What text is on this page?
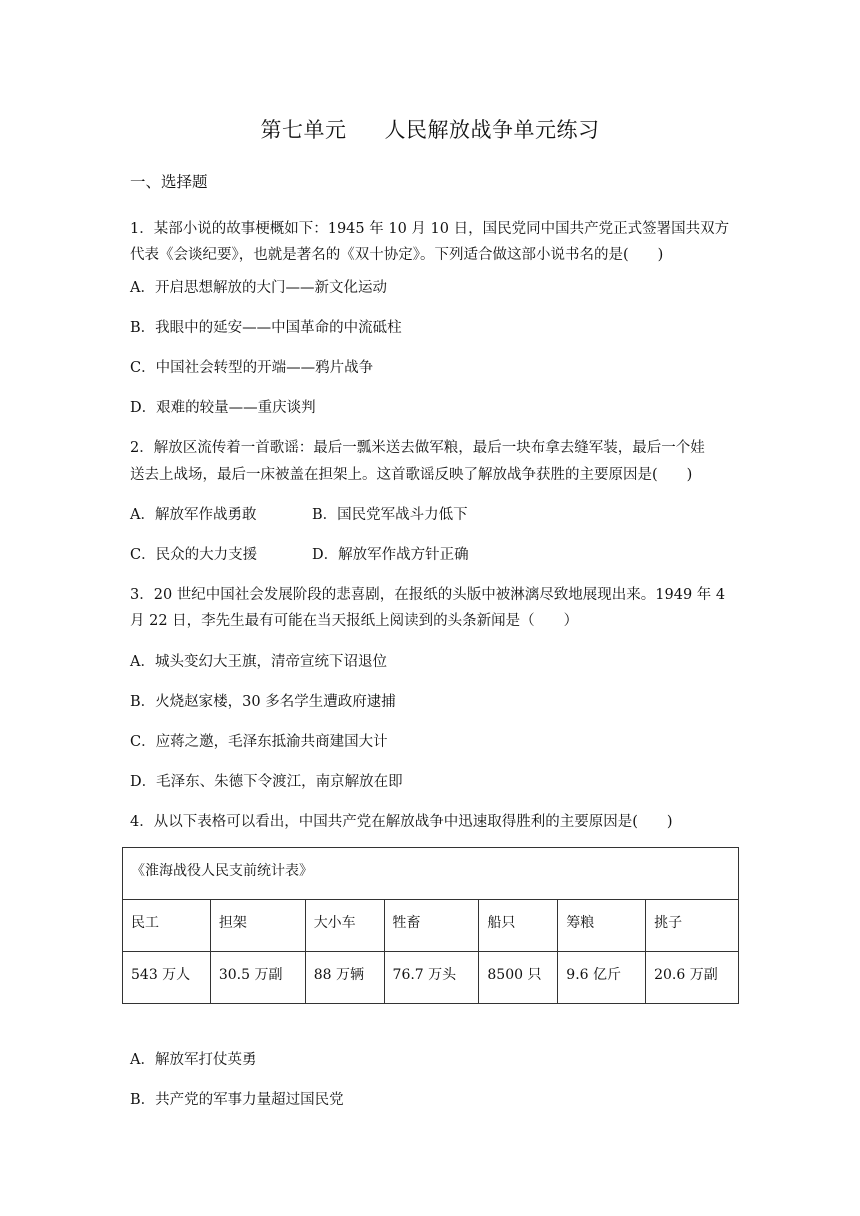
第七单元 人民解放战争单元练习
一、选择题
1．某部小说的故事梗概如下：1945 年 10 月 10 日，国民党同中国共产党正式签署国共双方
代表《会谈纪要》，也就是著名的《双十协定》。下列适合做这部小说书名的是(　　)
A．开启思想解放的大门——新文化运动
B．我眼中的延安——中国革命的中流砥柱
C．中国社会转型的开端——鸦片战争
D．艰难的较量——重庆谈判
2．解放区流传着一首歌谣：最后一瓢米送去做军粮，最后一块布拿去缝军装，最后一个娃
送去上战场，最后一床被盖在担架上。这首歌谣反映了解放战争获胜的主要原因是(　　)
A．解放军作战勇敢	B．国民党军战斗力低下
C．民众的大力支援	D．解放军作战方针正确
3．20 世纪中国社会发展阶段的悲喜剧，在报纸的头版中被淋漓尽致地展现出来。1949 年 4
月 22 日，李先生最有可能在当天报纸上阅读到的头条新闻是（　　）
A．城头变幻大王旗，清帝宣统下诏退位
B．火烧赵家楼，30 多名学生遭政府逮捕
C．应蒋之邀，毛泽东抵渝共商建国大计
D．毛泽东、朱德下令渡江，南京解放在即
4．从以下表格可以看出，中国共产党在解放战争中迅速取得胜利的主要原因是(　　)
《淮海战役人民支前统计表》						
民工	担架	大小车	牲畜	船只	筹粮	挑子
543 万人	30.5 万副	88 万辆	76.7 万头	8500 只	9.6 亿斤	20.6 万副
A．解放军打仗英勇
B．共产党的军事力量超过国民党
